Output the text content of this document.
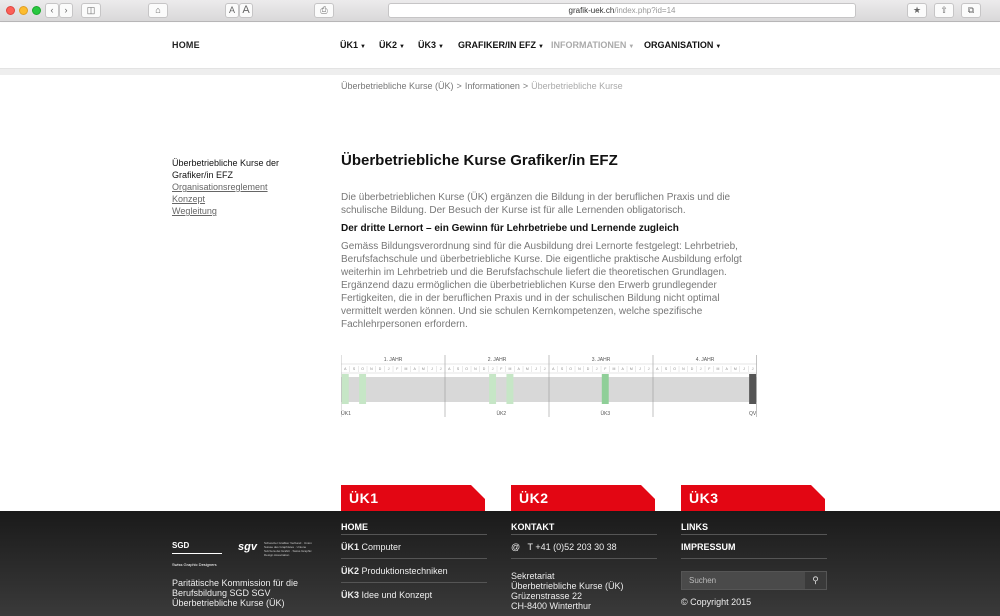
‹	›	◫	⌂	A A	⎙	grafik-uek.ch/index.php?id=14	★	⇧	⧉
HOME	ÜK1 ▼ ÜK2 ▼ ÜK3 ▼ GRAFIKER/IN EFZ ▼ INFORMATIONEN ▼ ORGANISATION ▼
Überbetriebliche Kurse (ÜK) > Informationen > Überbetriebliche Kurse
Überbetriebliche Kurse der Grafiker/in EFZ
Organisationsreglement
Konzept
Wegleitung
Überbetriebliche Kurse Grafiker/in EFZ

Die überbetrieblichen Kurse (ÜK) ergänzen die Bildung in der beruflichen Praxis und die schulische Bildung. Der Besuch der Kurse ist für alle Lernenden obligatorisch.

Der dritte Lernort – ein Gewinn für Lehrbetriebe und Lernende zugleich

Gemäss Bildungsverordnung sind für die Ausbildung drei Lernorte festgelegt: Lehrbetrieb, Berufsfachschule und überbetriebliche Kurse. Die eigentliche praktische Ausbildung erfolgt weiterhin im Lehrbetrieb und die Berufsfachschule liefert die theoretischen Grundlagen. Ergänzend dazu ermöglichen die überbetrieblichen Kurse den Erwerb grundlegender Fertigkeiten, die in der beruflichen Praxis und in der schulischen Bildung nicht optimal vermittelt werden können. Und sie schulen Kernkompetenzen, welche spezifische Fachlehrpersonen erfordern.

1. JAHR
A S O N D J F M A M J J
2. JAHR
A S O N D J F M A M J J
3. JAHR
A S O N D J F M A M J J
4. JAHR
A S O N D J F M A M J J
ÜK1	ÜK2	ÜK3	QV
ÜK1	ÜK2	ÜK3
SGD
Swiss Graphic Designers
sgv Schweizer Grafiker Verband · Union Suisse des Graphistes · Unione Svizzera dei Grafici · Swiss Graphic Design Association
Paritätische Kommission für die Berufsbildung SGD SGV Überbetriebliche Kurse (ÜK)
HOME
ÜK1 Computer
ÜK2 Produktionstechniken
ÜK3 Idee und Konzept
KONTAKT
@ T +41 (0)52 203 30 38
Sekretariat
Überbetriebliche Kurse (ÜK)
Grüzenstrasse 22
CH-8400 Winterthur
LINKS
IMPRESSUM
Suchen
⚲
© Copyright 2015
